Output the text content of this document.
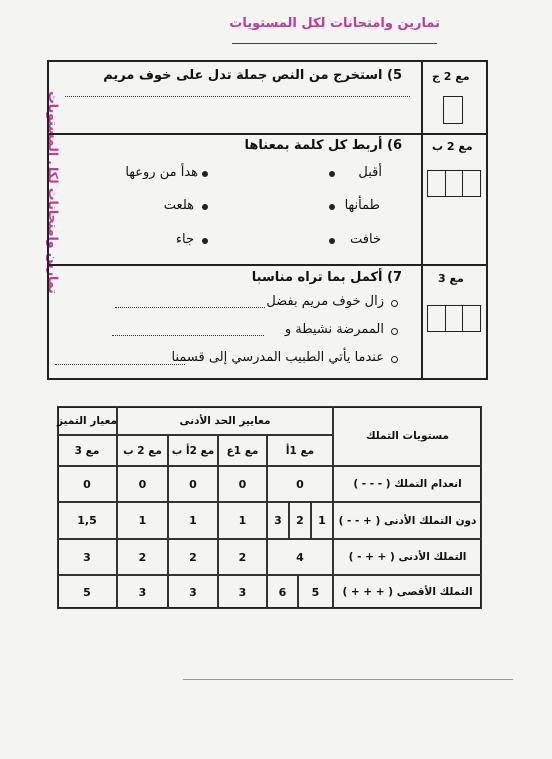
تمارين وامتحانات لكل المستويات
تمارين وامتحانات لكل المستويات
مع 2 ج
5) استخرج من النص جملة تدل على خوف مريم
مع 2 ب
6) أربط كل كلمة بمعناها
أقبل
طمأنها
خافت
هدأ من روعها
هلعت
جاء
مع 3
7) أكمل بما تراه مناسبا
زال خوف مريم بفضل
الممرضة نشيطة و
عندما يأتي الطبيب المدرسي إلى قسمنا
مستويات التملك
معايير الحد الأدنى
معيار التميز
مع 1أ
مع 1ع
مع 2أ ب
مع 2 ب
مع 3
انعدام التملك ( - - - )
0
0
0
0
0
دون التملك الأدنى ( + - - )
1
2
3
1
1
1
1,5
التملك الأدنى ( + + - )
4
2
2
2
3
التملك الأقصى ( + + + )
5
6
3
3
3
5
